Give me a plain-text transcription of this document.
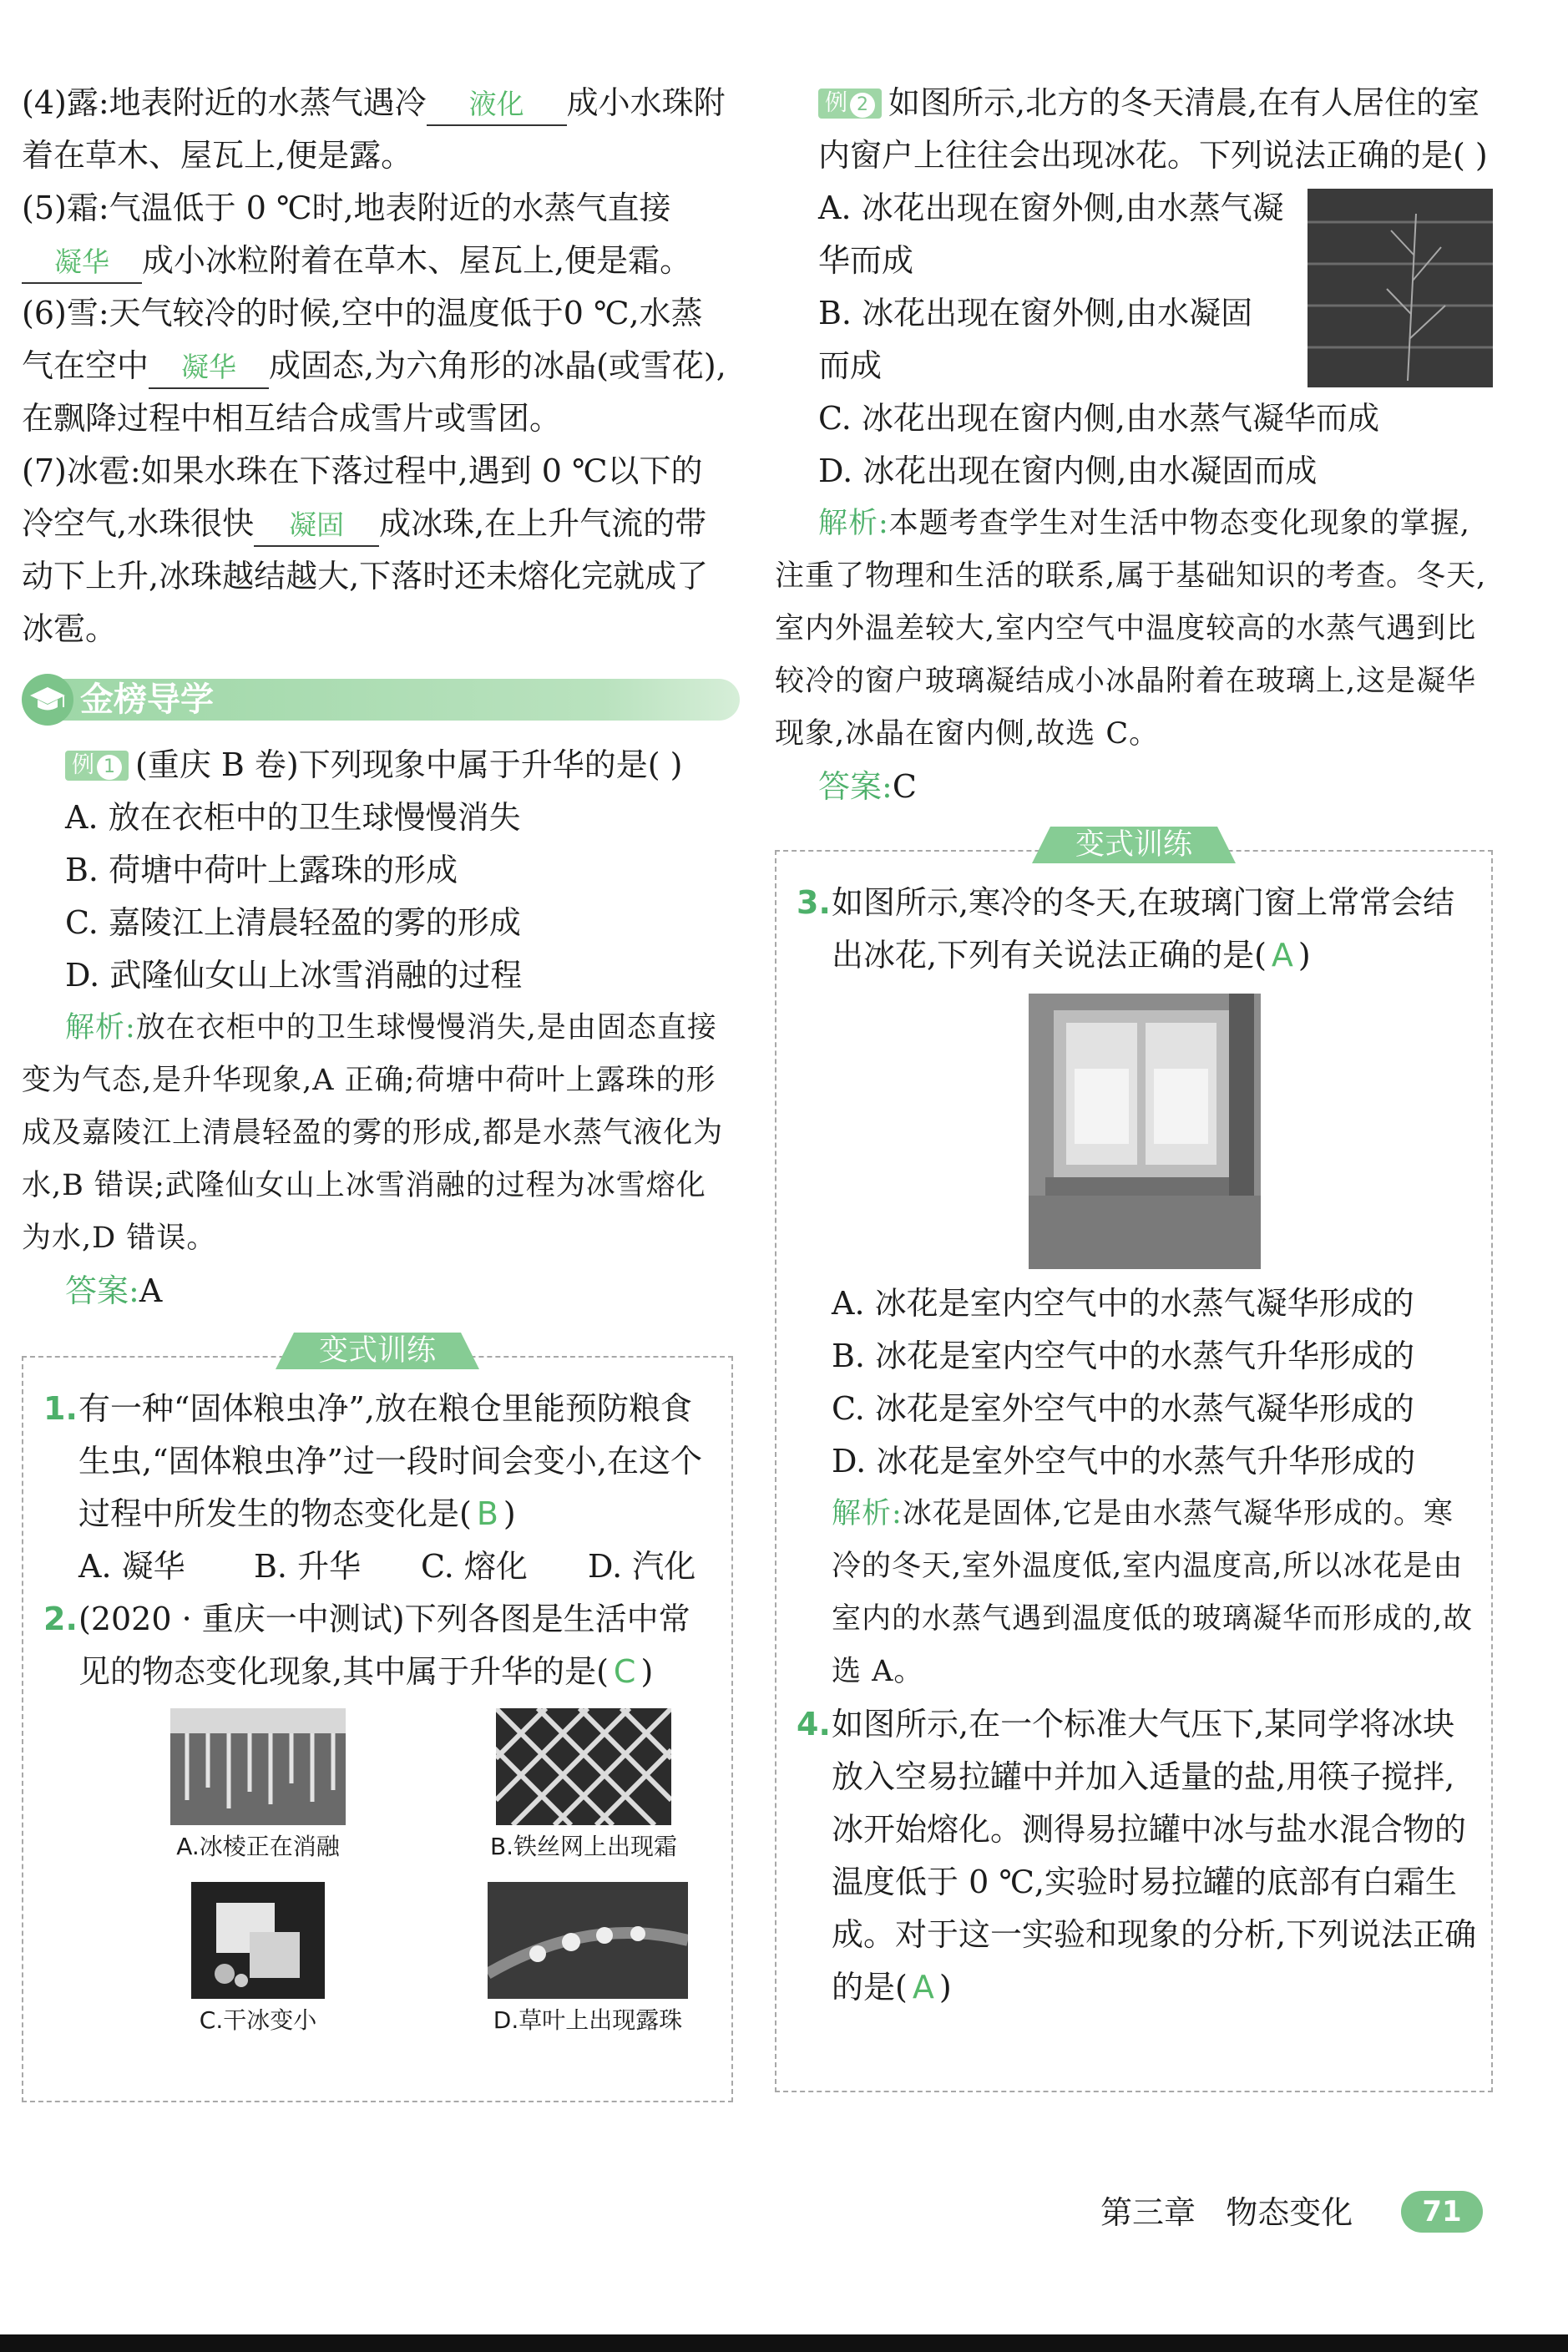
(4)露:地表附近的水蒸气遇冷 液化 成小水珠附着在草木、屋瓦上,便是露。

(5)霜:气温低于 0 ℃时,地表附近的水蒸气直接凝华 成小冰粒附着在草木、屋瓦上,便是霜。

(6)雪:天气较冷的时候,空中的温度低于0 ℃,水蒸气在空中 凝华 成固态,为六角形的冰晶(或雪花),在飘降过程中相互结合成雪片或雪团。

(7)冰雹:如果水珠在下落过程中,遇到 0 ℃以下的冷空气,水珠很快 凝固 成冰珠,在上升气流的带动下上升,冰珠越结越大,下落时还未熔化完就成了冰雹。

金榜导学

例 1 (重庆 B 卷)下列现象中属于升华的是( )

A. 放在衣柜中的卫生球慢慢消失

B. 荷塘中荷叶上露珠的形成

C. 嘉陵江上清晨轻盈的雾的形成

D. 武隆仙女山上冰雪消融的过程

解析:放在衣柜中的卫生球慢慢消失,是由固态直接变为气态,是升华现象,A 正确;荷塘中荷叶上露珠的形成及嘉陵江上清晨轻盈的雾的形成,都是水蒸气液化为水,B 错误;武隆仙女山上冰雪消融的过程为冰雪熔化为水,D 错误。

答案:A

变式训练

1.有一种“固体粮虫净”,放在粮仓里能预防粮食生虫,“固体粮虫净”过一段时间会变小,在这个过程中所发生的物态变化是( B )

A. 凝华	B. 升华	C. 熔化	D. 汽化

2.(2020 · 重庆一中测试)下列各图是生活中常见的物态变化现象,其中属于升华的是( C )

A.冰棱正在消融	B.铁丝网上出现霜
C.干冰变小	D.草叶上出现露珠

例 2 如图所示,北方的冬天清晨,在有人居住的室内窗户上往往会出现冰花。下列说法正确的是( )

A. 冰花出现在窗外侧,由水蒸气凝华而成

B. 冰花出现在窗外侧,由水凝固而成

C. 冰花出现在窗内侧,由水蒸气凝华而成

D. 冰花出现在窗内侧,由水凝固而成

解析:本题考查学生对生活中物态变化现象的掌握,注重了物理和生活的联系,属于基础知识的考查。冬天,室内外温差较大,室内空气中温度较高的水蒸气遇到比较冷的窗户玻璃凝结成小冰晶附着在玻璃上,这是凝华现象,冰晶在窗内侧,故选 C。

答案:C

变式训练

3.如图所示,寒冷的冬天,在玻璃门窗上常常会结出冰花,下列有关说法正确的是( A )

A. 冰花是室内空气中的水蒸气凝华形成的

B. 冰花是室内空气中的水蒸气升华形成的

C. 冰花是室外空气中的水蒸气凝华形成的

D. 冰花是室外空气中的水蒸气升华形成的

解析:冰花是固体,它是由水蒸气凝华形成的。寒冷的冬天,室外温度低,室内温度高,所以冰花是由室内的水蒸气遇到温度低的玻璃凝华而形成的,故选 A。

4.如图所示,在一个标准大气压下,某同学将冰块放入空易拉罐中并加入适量的盐,用筷子搅拌,冰开始熔化。测得易拉罐中冰与盐水混合物的温度低于 0 ℃,实验时易拉罐的底部有白霜生成。对于这一实验和现象的分析,下列说法正确的是( A )

第三章 物态变化	71
